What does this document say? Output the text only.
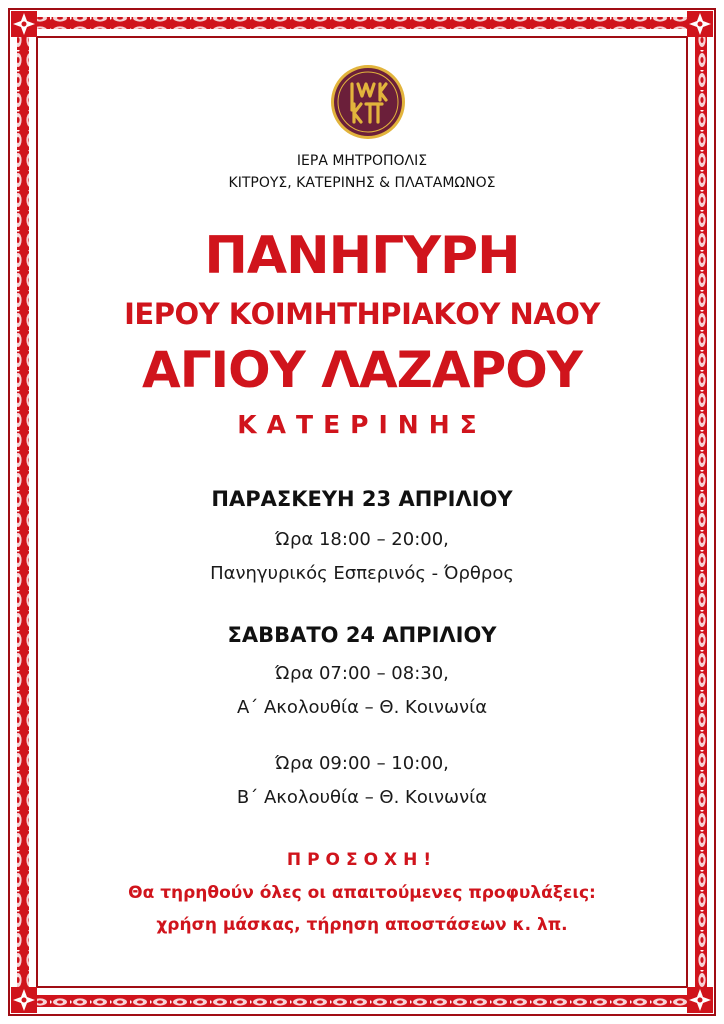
ΙΕΡΑ ΜΗΤΡΟΠΟΛΙΣ
ΚΙΤΡΟΥΣ, ΚΑΤΕΡΙΝΗΣ & ΠΛΑΤΑΜΩΝΟΣ
ΠΑΝΗΓΥΡΗ
ΙΕΡΟΥ ΚΟΙΜΗΤΗΡΙΑΚΟΥ ΝΑΟΥ
ΑΓΙΟΥ ΛΑΖΑΡΟΥ
ΚΑΤΕΡΙΝΗΣ
ΠΑΡΑΣΚΕΥΗ 23 ΑΠΡΙΛΙΟΥ
Ώρα 18:00 – 20:00,
Πανηγυρικός Εσπερινός - Όρθρος
ΣΑΒΒΑΤΟ 24 ΑΠΡΙΛΙΟΥ
Ώρα 07:00 – 08:30,
Α΄ Ακολουθία – Θ. Κοινωνία
Ώρα 09:00 – 10:00,
Β΄ Ακολουθία – Θ. Κοινωνία
ΠΡΟΣΟΧΗ!
Θα τηρηθούν όλες οι απαιτούμενες προφυλάξεις:
χρήση μάσκας, τήρηση αποστάσεων κ. λπ.
